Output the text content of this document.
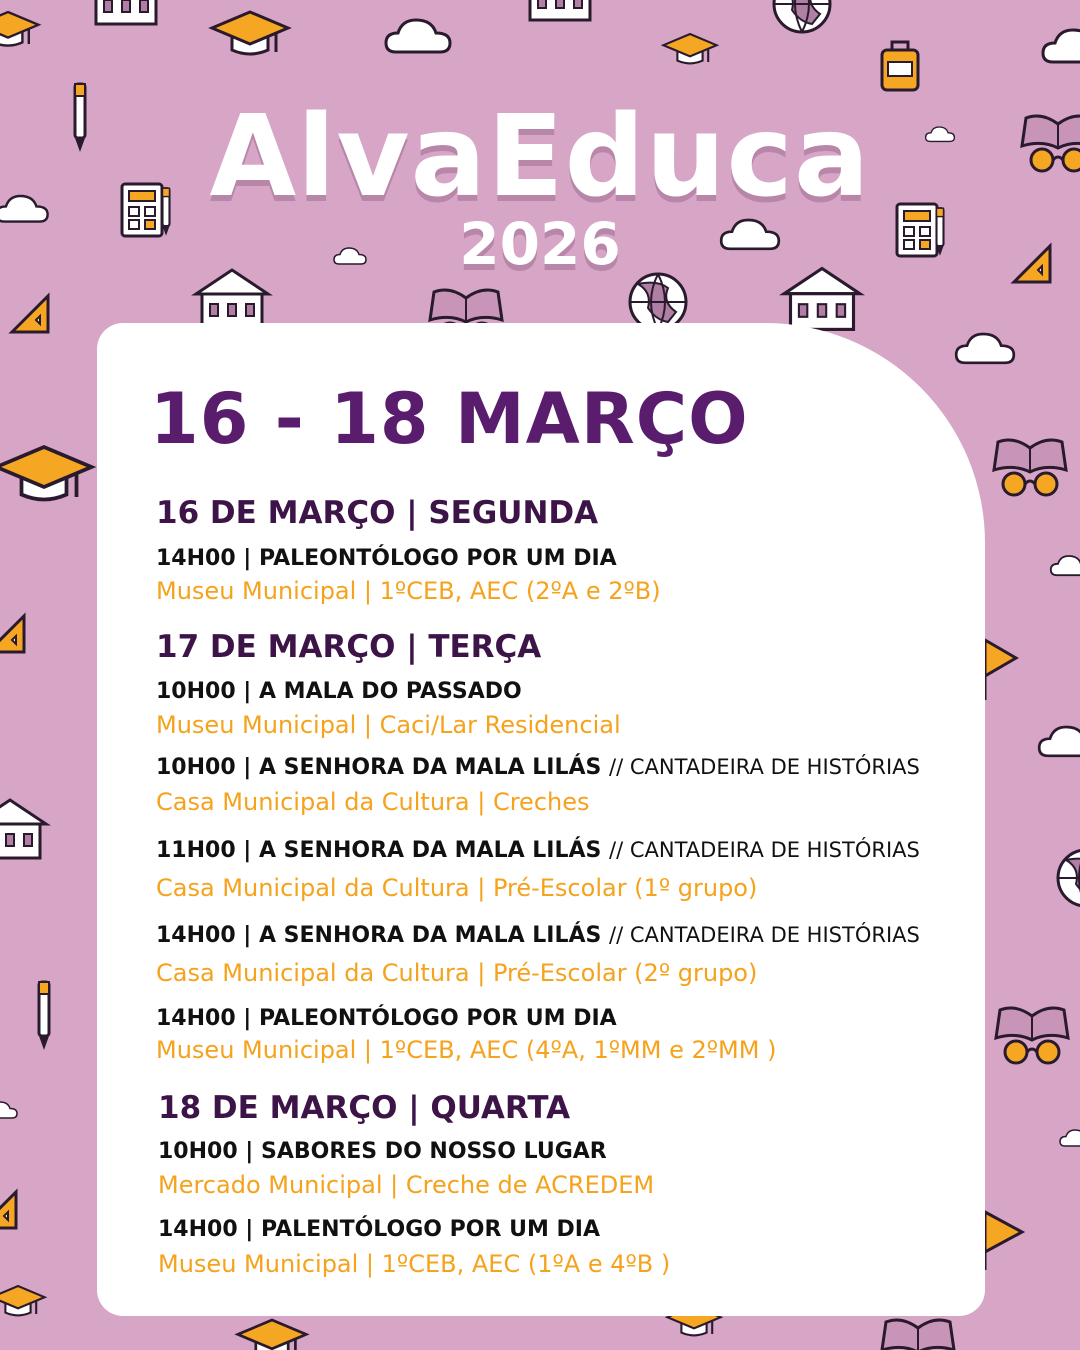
AlvaEduca
2026
16 - 18 MARÇO
16 DE MARÇO | SEGUNDA
14H00 | PALEONTÓLOGO POR UM DIA
Museu Municipal | 1ºCEB, AEC (2ºA e 2ºB)
17 DE MARÇO | TERÇA
10H00 | A MALA DO PASSADO
Museu Municipal | Caci/Lar Residencial
10H00 | A SENHORA DA MALA LILÁS // CANTADEIRA DE HISTÓRIAS
Casa Municipal da Cultura | Creches
11H00 | A SENHORA DA MALA LILÁS // CANTADEIRA DE HISTÓRIAS
Casa Municipal da Cultura | Pré-Escolar (1º grupo)
14H00 | A SENHORA DA MALA LILÁS // CANTADEIRA DE HISTÓRIAS
Casa Municipal da Cultura | Pré-Escolar (2º grupo)
14H00 | PALEONTÓLOGO POR UM DIA
Museu Municipal | 1ºCEB, AEC (4ºA, 1ºMM e 2ºMM )
18 DE MARÇO | QUARTA
10H00 | SABORES DO NOSSO LUGAR
Mercado Municipal | Creche de ACREDEM
14H00 | PALENTÓLOGO POR UM DIA
Museu Municipal | 1ºCEB, AEC (1ºA e 4ºB )
